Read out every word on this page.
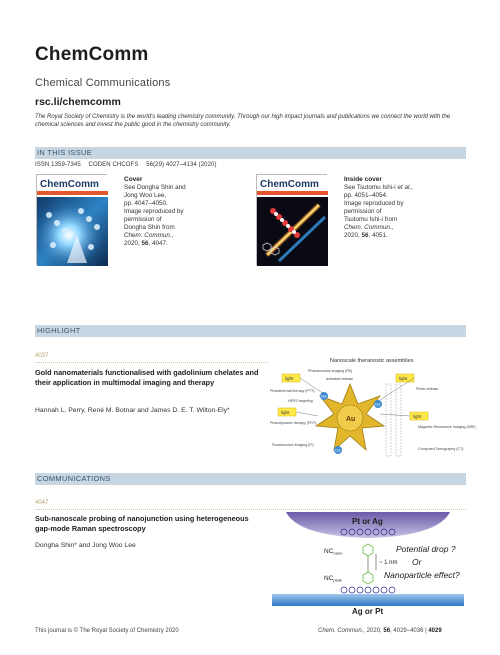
ChemComm
Chemical Communications
rsc.li/chemcomm
The Royal Society of Chemistry is the world's leading chemistry community. Through our high impact journals and publications we connect the world with the chemical sciences and invest the public good in the chemistry community.
IN THIS ISSUE
ISSN 1359-7345 CODEN CHCOFS 56(29) 4027–4134 (2020)
ChemComm	Cover
See Dongha Shin and
Jong Woo Lee,
pp. 4047–4050.
Image reproduced by
permission of
Dongha Shin from
Chem. Commun.,
2020, 56, 4047.
ChemComm	Inside cover
See Tsutomu Ishi-i et al.,
pp. 4051–4054.
Image reproduced by
permission of
Tsutomu Ishi-i from
Chem. Commun.,
2020, 56, 4051.
HIGHLIGHT
4037
Gold nanomaterials functionalised with gadolinium chelates and their application in multimodal imaging and therapy
Hannah L. Perry, René M. Botnar and James D. E. T. Wilton-Ely*
Nanoscale theranostic assemblies
Au
Gd
Gd
Gd
light
light
light
light
Photoacoustic imaging (PA)
Photothermal therapy (PTT)
Photodynamic therapy (PDT)
Photo-release
Magnetic Resonance Imaging (MRI)
Computed Tomography (CT)
Fluorescence imaging (FI)
HER2 targeting
activated release
COMMUNICATIONS
4047
Sub-nanoscale probing of nanojunction using heterogeneous gap-mode Raman spectroscopy
Dongha Shin* and Jong Woo Lee
Pt or Ag
~ 1 nm
$NC_{nano}$
$NC_{plate}$
Potential drop ?
Or
Nanoparticle effect?
Ag or Pt
This journal is © The Royal Society of Chemistry 2020	Chem. Commun., 2020, 56, 4029–4036 | 4029
